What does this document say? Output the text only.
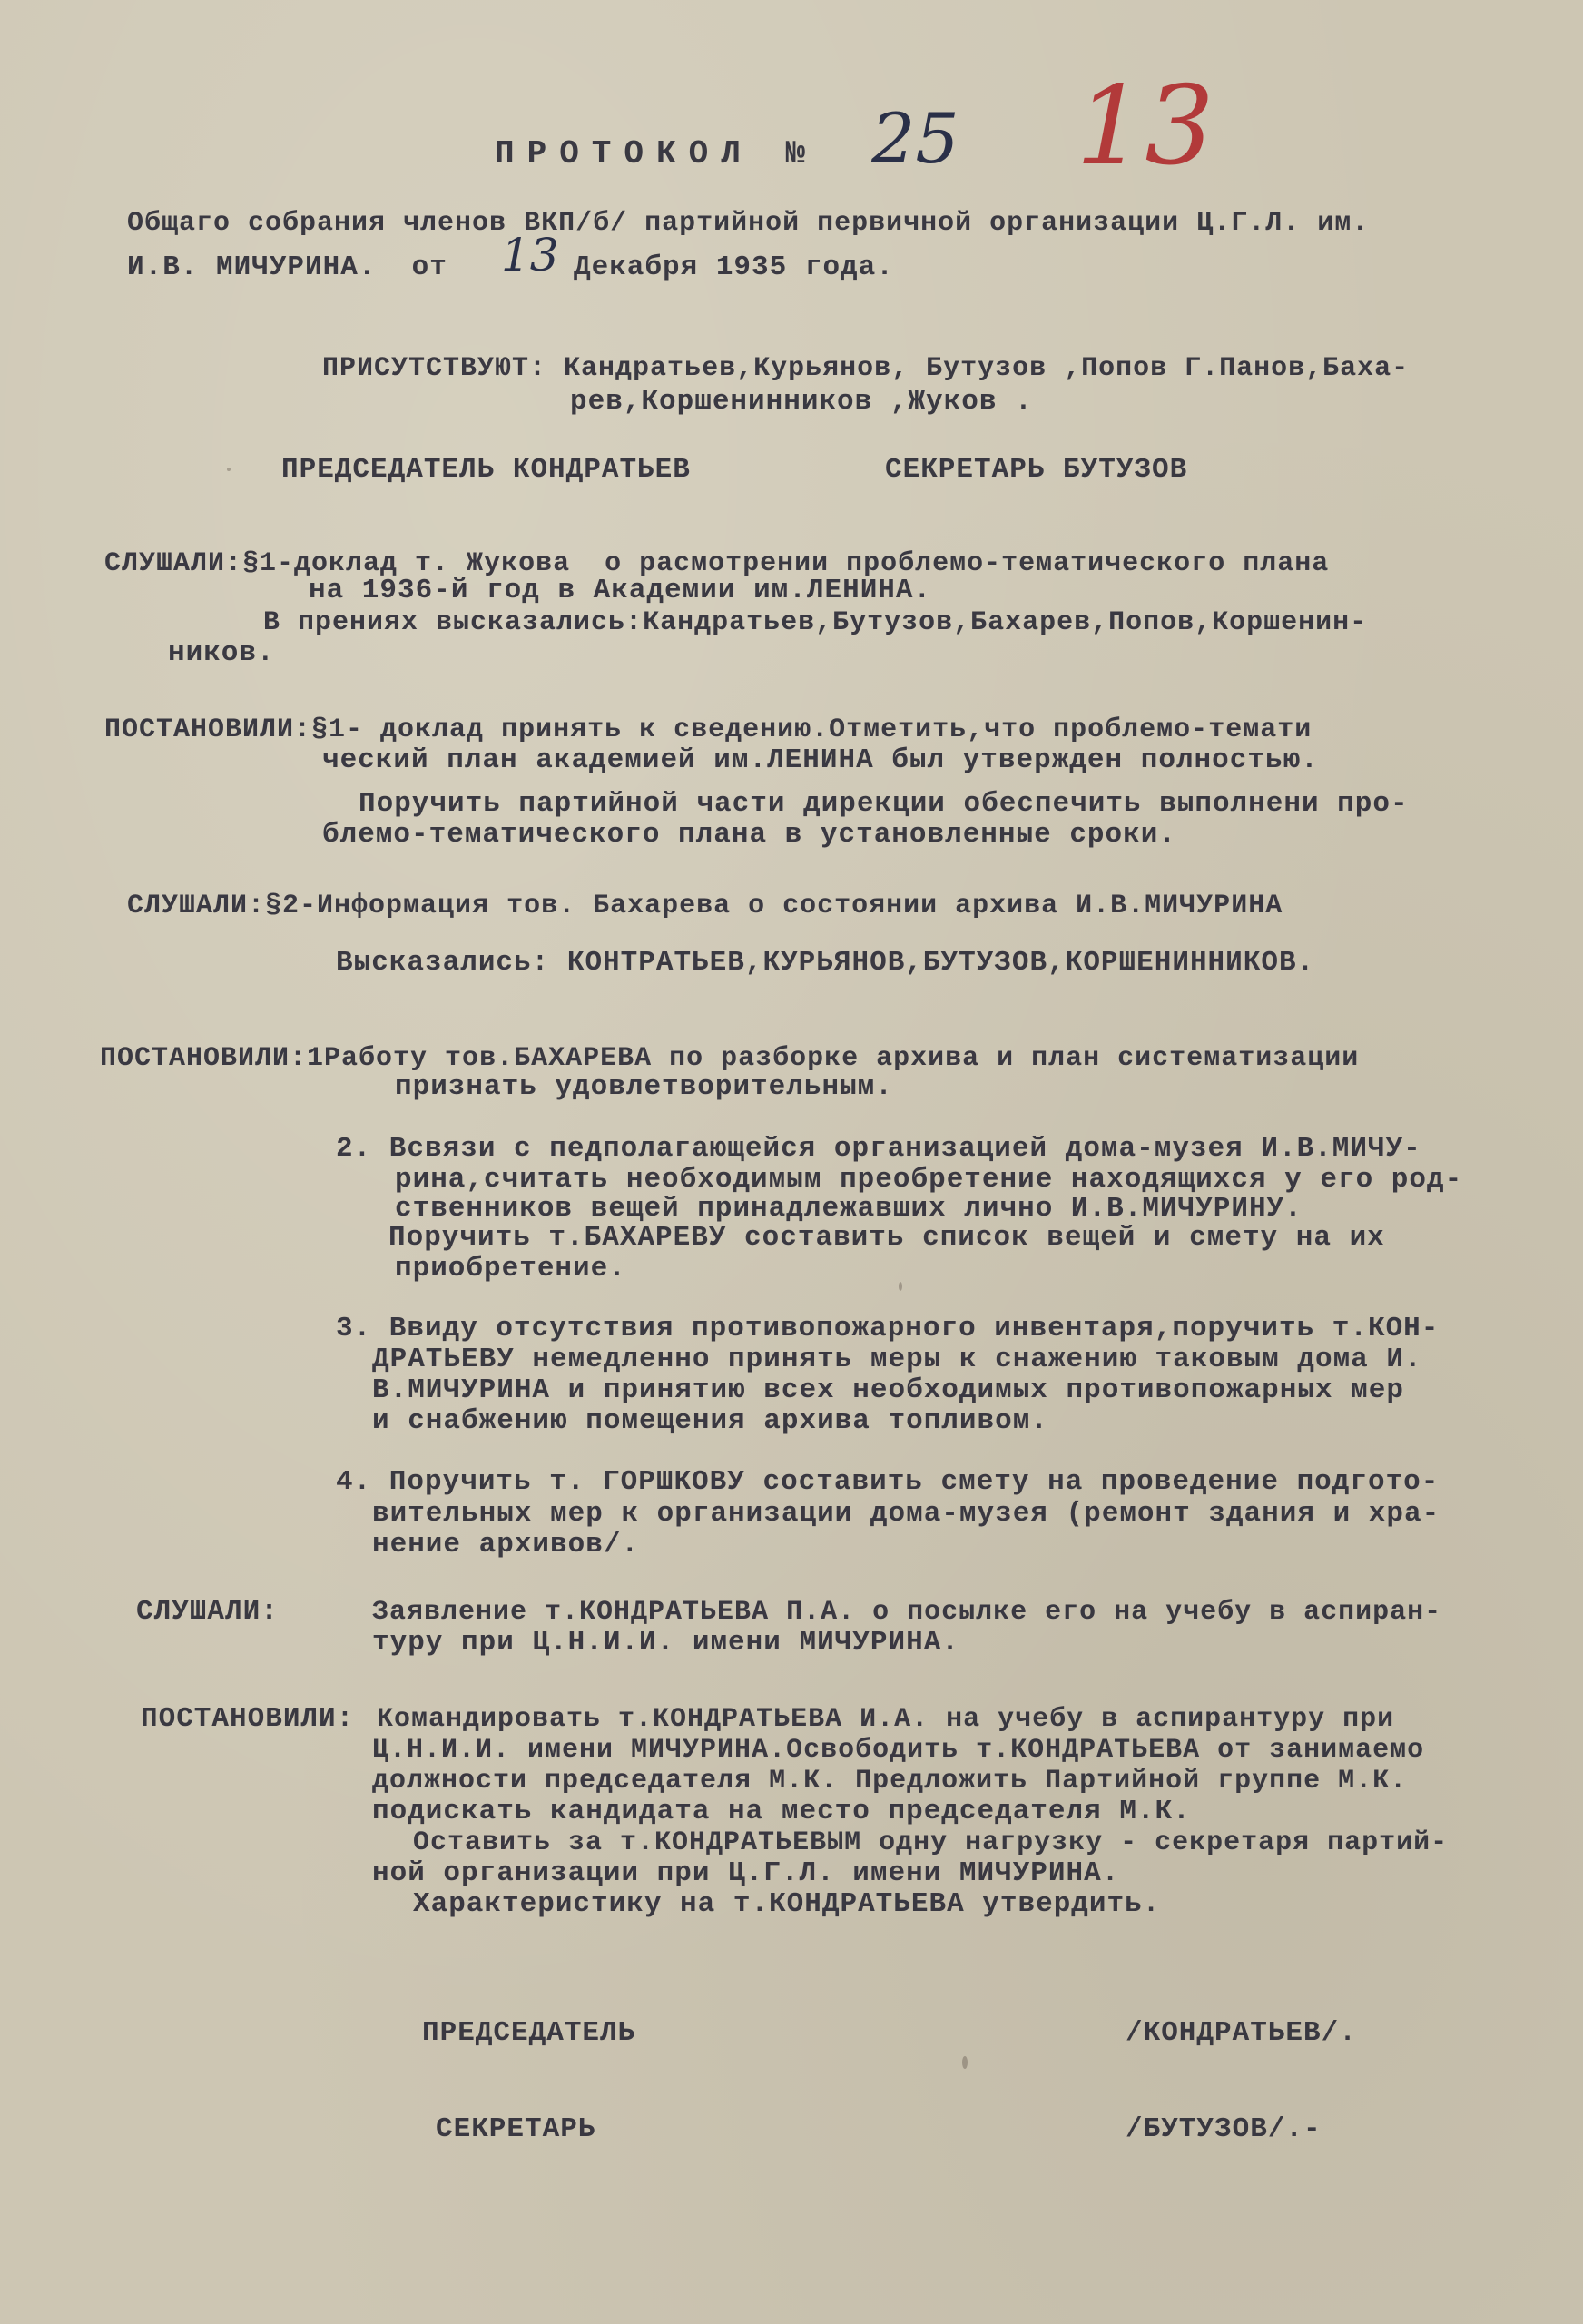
ПРОТОКОЛ № 25 13
Общаго собрания членов ВКП/б/ партийной первичной организации Ц.Г.Л. им.
И.В. МИЧУРИНА.  от 13 Декабря 1935 года.
ПРИСУТСТВУЮТ: Кандратьев,Курьянов, Бутузов ,Попов Г.Панов,Баха-
рев,Коршенинников ,Жуков .
ПРЕДСЕДАТЕЛЬ КОНДРАТЬЕВ	СЕКРЕТАРЬ БУТУЗОВ
СЛУШАЛИ:§1-доклад т. Жукова  о расмотрении проблемо-тематического плана
на 1936-й год в Академии им.ЛЕНИНА.
В прениях высказались:Кандратьев,Бутузов,Бахарев,Попов,Коршенин-
ников.
ПОСТАНОВИЛИ:§1- доклад принять к сведению.Отметить,что проблемо-темати
ческий план академией им.ЛЕНИНА был утвержден полностью.
Поручить партийной части дирекции обеспечить выполнени про-
блемо-тематического плана в установленные сроки.
СЛУШАЛИ:§2-Информация тов. Бахарева о состоянии архива И.В.МИЧУРИНА
Высказались: КОНТРАТЬЕВ,КУРЬЯНОВ,БУТУЗОВ,КОРШЕНИННИКОВ.
ПОСТАНОВИЛИ:1Работу тов.БАХАРЕВА по разборке архива и план систематизации
признать удовлетворительным.
2. Всвязи с педполагающейся организацией дома-музея И.В.МИЧУ-
рина,считать необходимым преобретение находящихся у его род-
ственников вещей принадлежавших лично И.В.МИЧУРИНУ.
Поручить т.БАХАРЕВУ составить список вещей и смету на их
приобретение.
3. Ввиду отсутствия противопожарного инвентаря,поручить т.КОН-
ДРАТЬЕВУ немедленно принять меры к снажению таковым дома И.
В.МИЧУРИНА и принятию всех необходимых противопожарных мер
и снабжению помещения архива топливом.
4. Поручить т. ГОРШКОВУ составить смету на проведение подгото-
вительных мер к организации дома-музея (ремонт здания и хра-
нение архивов/.
СЛУШАЛИ:	Заявление т.КОНДРАТЬЕВА П.А. о посылке его на учебу в аспиран-
туру при Ц.Н.И.И. имени МИЧУРИНА.
ПОСТАНОВИЛИ: Командировать т.КОНДРАТЬЕВА И.А. на учебу в аспирантуру при
Ц.Н.И.И. имени МИЧУРИНА.Освободить т.КОНДРАТЬЕВА от занимаемо
должности председателя М.К. Предложить Партийной группе М.К.
подискать кандидата на место председателя М.К.
Оставить за т.КОНДРАТЬЕВЫМ одну нагрузку - секретаря партий-
ной организации при Ц.Г.Л. имени МИЧУРИНА.
Характеристику на т.КОНДРАТЬЕВА утвердить.
ПРЕДСЕДАТЕЛЬ	/КОНДРАТЬЕВ/.
СЕКРЕТАРЬ	/БУТУЗОВ/.-
